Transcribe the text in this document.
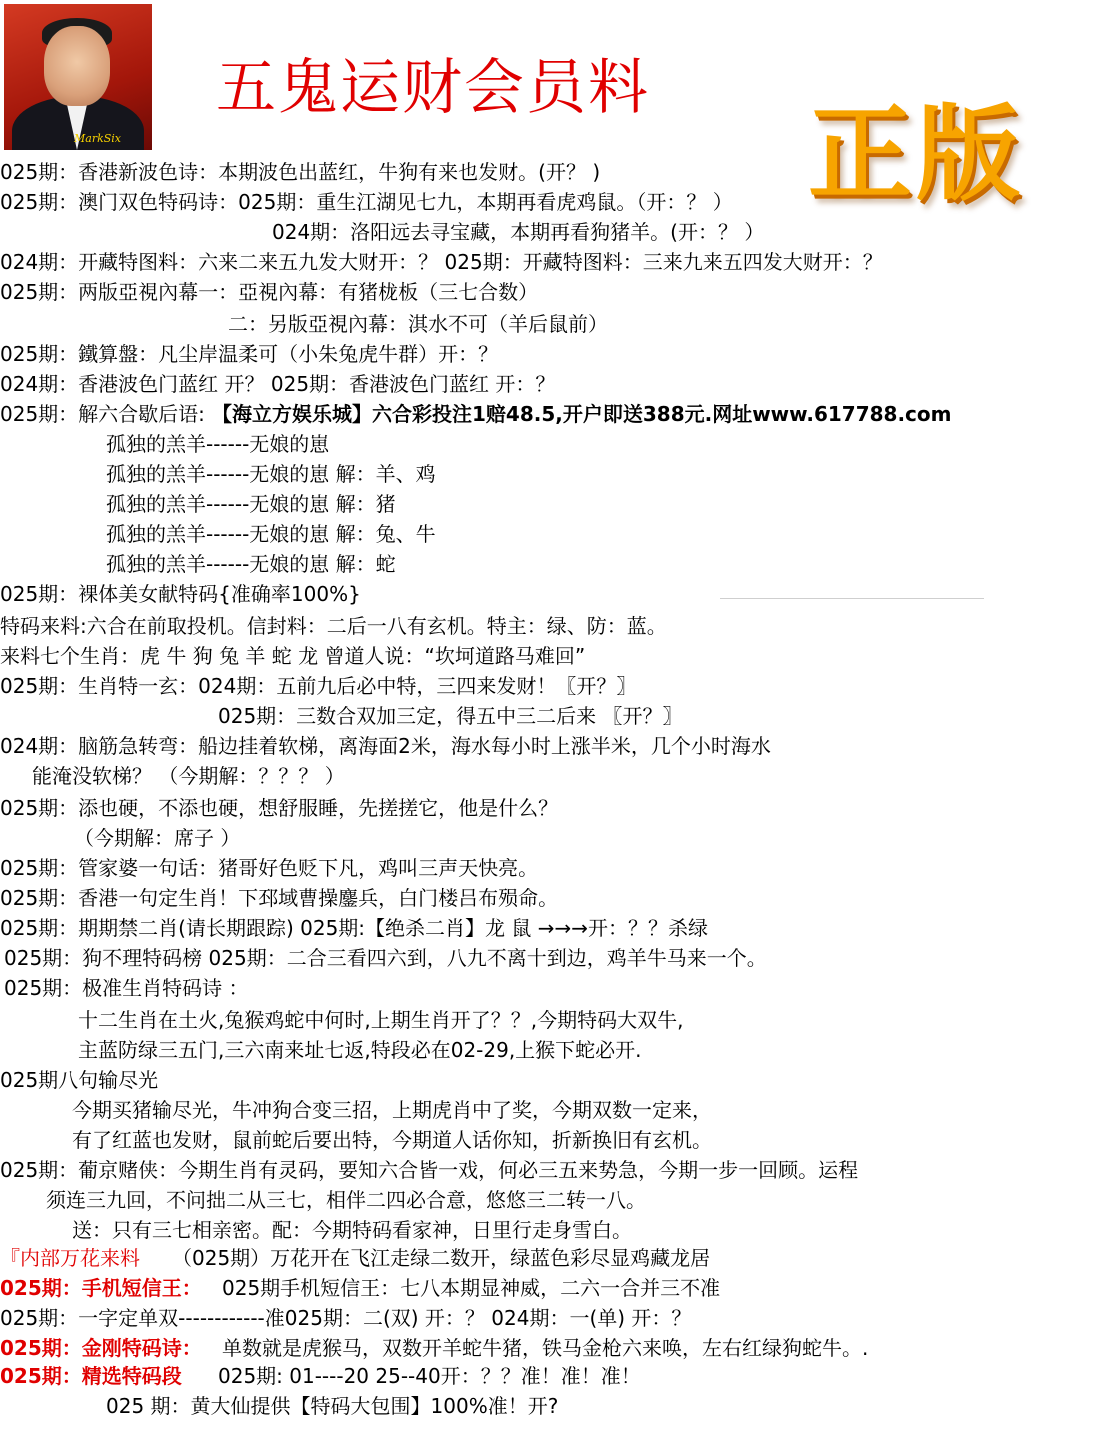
MarkSix
五鬼运财会员料
正版
025期：香港新波色诗：本期波色出蓝红，牛狗有来也发财。(开？ )
025期：澳门双色特码诗：025期：重生江湖见七九，本期再看虎鸡鼠。（开：？ ）
024期：洛阳远去寻宝藏，本期再看狗猪羊。(开：？ ）
024期：开藏特图料：六来二来五九发大财开：？ 025期：开藏特图料：三来九来五四发大财开：？
025期：两版亞視內幕一：亞視內幕：有猪栊板（三七合数）
二：另版亞視內幕：淇水不可（羊后鼠前）
025期：鐵算盤：凡尘岸温柔可（小朱兔虎牛群）开：？
024期：香港波色门蓝红 开？ 025期：香港波色门蓝红 开：？
025期：解六合歇后语: 【海立方娱乐城】六合彩投注1赔48.5,开户即送388元.网址www.617788.com
孤独的羔羊------无娘的崽
孤独的羔羊------无娘的崽 解：羊、鸡
孤独的羔羊------无娘的崽 解：猪
孤独的羔羊------无娘的崽 解：兔、牛
孤独的羔羊------无娘的崽 解：蛇
025期：裸体美女献特码{准确率100%}
特码来料:六合在前取投机。信封料：二后一八有玄机。特主：绿、防：蓝。
来料七个生肖：虎 牛 狗 兔 羊 蛇 龙 曾道人说：“坎坷道路马难回”
025期：生肖特一玄：024期：五前九后必中特，三四来发财！〖开？〗
025期：三数合双加三定，得五中三二后来 〖开？〗
024期：脑筋急转弯：船边挂着软梯，离海面2米，海水每小时上涨半米，几个小时海水
能淹没软梯？ （今期解：？？？ ）
025期：添也硬，不添也硬，想舒服睡，先搓搓它，他是什么？
（今期解：席子 ）
025期：管家婆一句话：猪哥好色贬下凡，鸡叫三声天快亮。
025期：香港一句定生肖！下邳域曹操鏖兵，白门楼吕布殒命。
025期：期期禁二肖(请长期跟踪) 025期:【绝杀二肖】龙 鼠 →→→开：？？杀绿
025期：狗不理特码榜 025期：二合三看四六到，八九不离十到边，鸡羊牛马来一个。
025期：极准生肖特码诗 ：
十二生肖在土火,兔猴鸡蛇中何时,上期生肖开了？？,今期特码大双牛,
主蓝防绿三五门,三六南来址七返,特段必在02-29,上猴下蛇必开.
025期八句输尽光
今期买猪输尽光，牛冲狗合变三招，上期虎肖中了奖，今期双数一定来，
有了红蓝也发财，鼠前蛇后要出特，今期道人话你知，折新换旧有玄机。
025期：葡京赌侠：今期生肖有灵码，要知六合皆一戏，何必三五来势急，今期一步一回顾。运程
须连三九回，不问拙二从三七，相伴二四必合意，悠悠三二转一八。
送：只有三七相亲密。配：今期特码看家神，日里行走身雪白。
『内部万花来料 （025期）万花开在飞江走绿二数开，绿蓝色彩尽显鸡藏龙居
025期：手机短信王： 025期手机短信王：七八本期显神威，二六一合并三不准
025期：一字定单双------------准025期：二(双) 开：？ 024期：一(单) 开：？
025期：金刚特码诗： 单数就是虎猴马，双数开羊蛇牛猪，铁马金枪六来唤，左右红绿狗蛇牛。.
025期：精选特码段 025期: 01----20 25--40开：？？准！准！准！
025 期：黄大仙提供【特码大包围】100%准！开?
